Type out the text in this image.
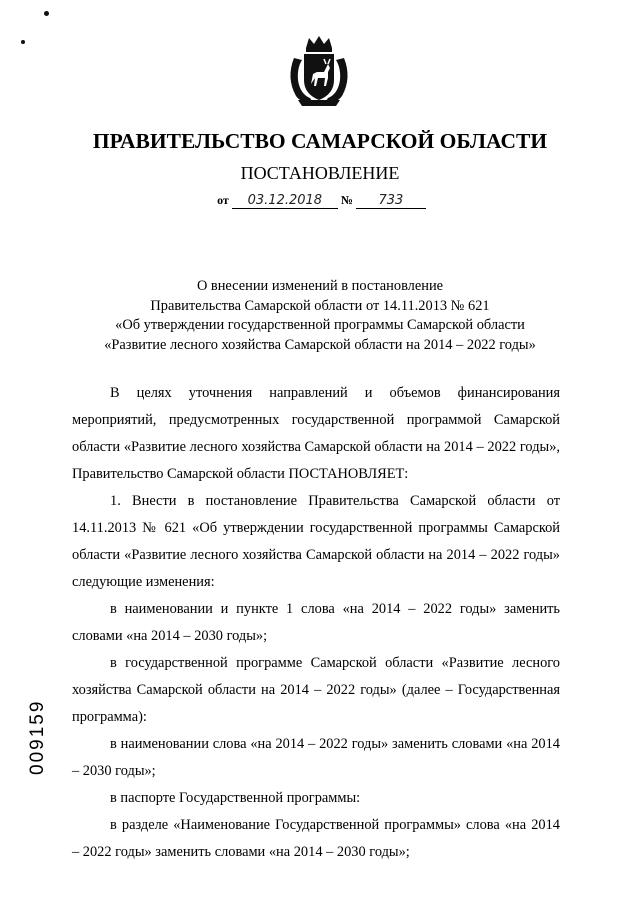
ПРАВИТЕЛЬСТВО САМАРСКОЙ ОБЛАСТИ
ПОСТАНОВЛЕНИЕ
от 03.12.2018 № 733
О внесении изменений в постановление
Правительства Самарской области от 14.11.2013 № 621
«Об утверждении государственной программы Самарской области
«Развитие лесного хозяйства Самарской области на 2014 – 2022 годы»

В целях уточнения направлений и объемов финансирования мероприятий, предусмотренных государственной программой Самарской области «Развитие лесного хозяйства Самарской области на 2014 – 2022 годы», Правительство Самарской области ПОСТАНОВЛЯЕТ:

1. Внести в постановление Правительства Самарской области от 14.11.2013 № 621 «Об утверждении государственной программы Самарской области «Развитие лесного хозяйства Самарской области на 2014 – 2022 годы» следующие изменения:

в наименовании и пункте 1 слова «на 2014 – 2022 годы» заменить словами «на 2014 – 2030 годы»;

в государственной программе Самарской области «Развитие лесного хозяйства Самарской области на 2014 – 2022 годы» (далее – Государственная программа):

в наименовании слова «на 2014 – 2022 годы» заменить словами «на 2014 – 2030 годы»;

в паспорте Государственной программы:

в разделе «Наименование Государственной программы» слова «на 2014 – 2022 годы» заменить словами «на 2014 – 2030 годы»;

009159
